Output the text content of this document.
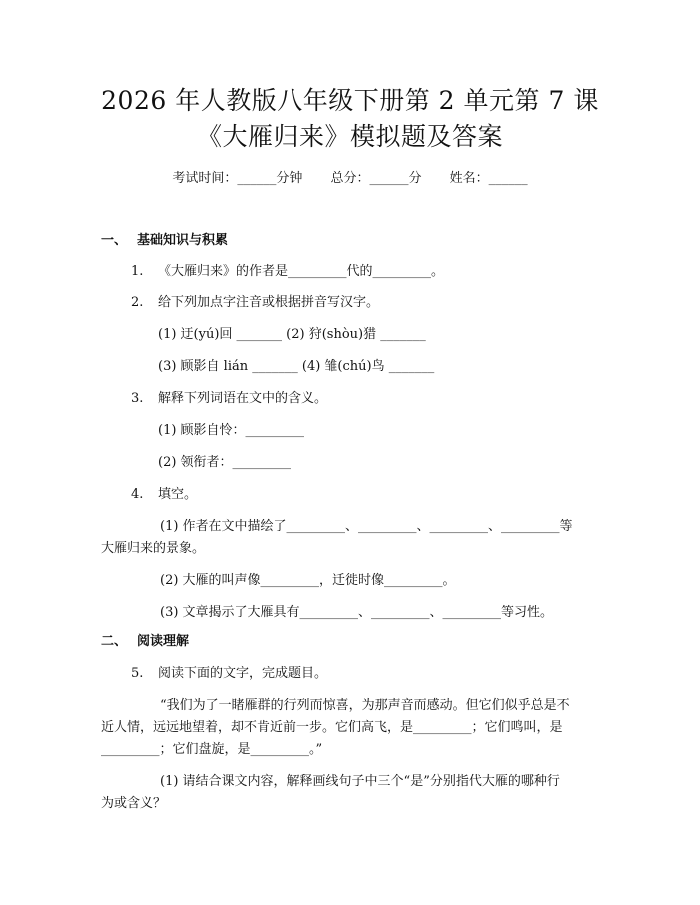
2026 年人教版八年级下册第 2 单元第 7 课
《大雁归来》模拟题及答案
考试时间：______分钟 总分：______分 姓名：______
一、 基础知识与积累
1. 《大雁归来》的作者是_________代的_________。
2. 给下列加点字注音或根据拼音写汉字。
(1) 迂(yú)回 _______ (2) 狩(shòu)猎 _______
(3) 顾影自 lián _______ (4) 雏(chú)鸟 _______
3. 解释下列词语在文中的含义。
(1) 顾影自怜：_________
(2) 领衔者：_________
4. 填空。
(1) 作者在文中描绘了_________、_________、_________、_________等
大雁归来的景象。
(2) 大雁的叫声像_________，迁徙时像_________。
(3) 文章揭示了大雁具有_________、_________、_________等习性。
二、 阅读理解
5. 阅读下面的文字，完成题目。
“我们为了一睹雁群的行列而惊喜，为那声音而感动。但它们似乎总是不
近人情，远远地望着，却不肯近前一步。它们高飞，是_________；它们鸣叫，是
_________；它们盘旋，是_________。”
(1) 请结合课文内容，解释画线句子中三个“是”分别指代大雁的哪种行
为或含义？
